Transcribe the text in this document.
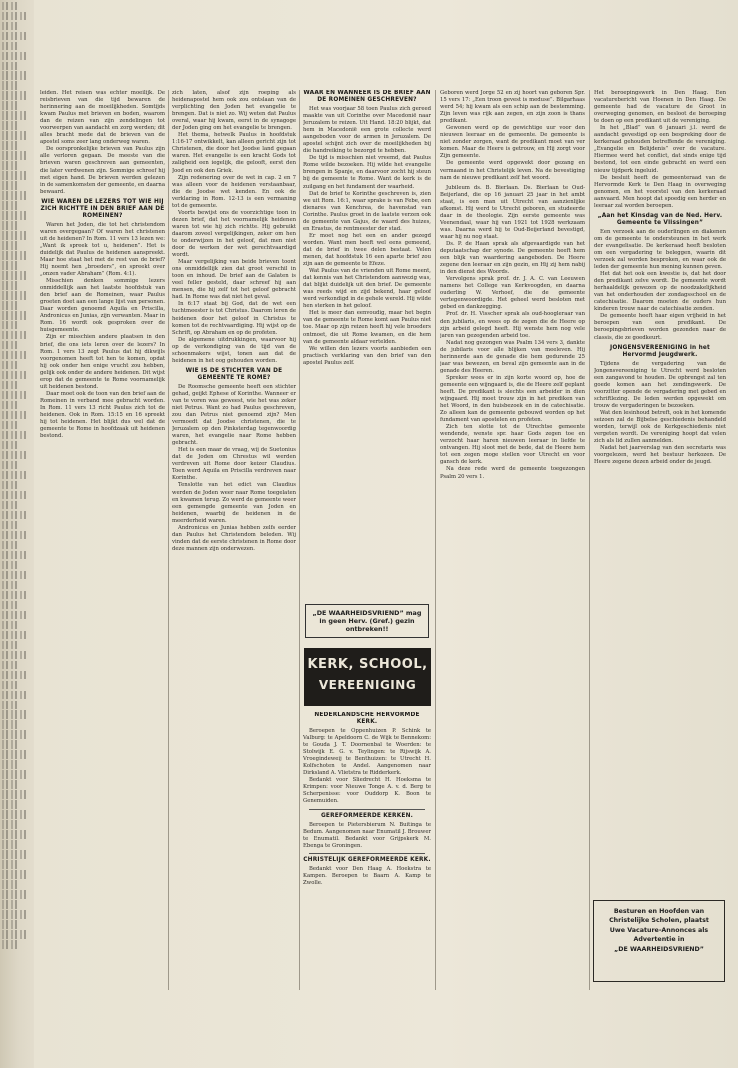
leiden. Het reisen was echter moeilijk. De reisbrieven van die tijd bewaren de herinnering aan de moeilijkheden. Somtijds kwam Paulus met brieven en boden, waarom dan de reizen van zijn zendelingen tot voorwerpen van aandacht en zorg werden; dit alles bracht mede dat de brieven van de apostel soms zeer lang onderweg waren.

De oorspronkelijke brieven van Paulus zijn alle verloren gegaan. De meeste van die brieven waren geschreven aan gemeenten, die later verdwenen zijn. Sommige schreef hij met eigen hand. De brieven werden gelezen in de samenkomsten der gemeente, en daarna bewaard.

WIE WAREN DE LEZERS TOT WIE HIJ ZICH RICHTTE IN DEN BRIEF AAN DE ROMEINEN?

Waren het Joden, die tot het christendom waren overgegaan? Of waren het christenen uit de heidenen? In Rom. 11 vers 13 lezen we: „Want ik spreek tot u, heidenen”. Het is duidelijk dat Paulus de heidenen aanspreekt. Maar hoe staat het met de rest van de brief? Hij noemt hen „broeders”, en spreekt over „onzen vader Abraham” (Rom. 4:1).

Misschien denken sommige lezers onmiddellijk aan het laatste hoofdstuk van den brief aan de Romeinen, waar Paulus groeten doet aan een lange lijst van personen. Daar worden genoemd Aquila en Priscilla, Andronicus en Junias, zijn verwanten. Maar in Rom. 16 wordt ook gesproken over de huisgemeente.

Zijn er misschien andere plaatsen in den brief, die ons iets leren over de lezers? In Rom. 1 vers 13 zegt Paulus dat hij dikwijls voorgenomen heeft tot hen te komen, opdat hij ook onder hen enige vrucht zou hebben, gelijk ook onder de andere heidenen. Dit wijst erop dat de gemeente te Rome voornamelijk uit heidenen bestond.

Daar moet ook de toon van den brief aan de Romeinen in verband mee gebracht worden. In Rom. 11 vers 13 richt Paulus zich tot de heidenen. Ook in Rom. 15:15 en 16 spreekt hij tot heidenen. Het blijkt dus wel dat de gemeente te Rome in hoofdzaak uit heidenen bestond.

zich laten, alsof zijn roeping als heidenapostel hem ook zou ontslaan van de verplichting den Joden het evangelie te brengen. Dat is niet zo. Wij weten dat Paulus overal, waar hij kwam, eerst in de synagoge der Joden ging om het evangelie te brengen.

Het thema, hetwelk Paulus in hoofdstuk 1:16-17 ontwikkelt, kan alleen gericht zijn tot Christenen, die door het Joodse land gegaan waren. Het evangelie is een kracht Gods tot zaligheid een iegelijk, die gelooft, eerst den Jood en ook den Griek.

Zijn redenering over de wet in cap. 2 en 7 was alleen voor de heidenen verstaanbaar, die de Joodse wet kenden. En ook de verklaring in Rom. 12-13 is een vermaning tot de gemeente.

Voorts bewijst ons de voorzichtige toon in dezen brief, dat het voornamelijk heidenen waren tot wie hij zich richtte. Hij gebruikt daarom zoveel vergelijkingen, zeker om hen te onderwijzen in het geloof, dat men niet door de werken der wet gerechtvaardigd wordt.

Maar vergelijking van beide brieven toont ons onmiddellijk zien dat groot verschil in toon en inhoud. De brief aan de Galaten is veel feller gesteld, daar schreef hij aan mensen, die hij zelf tot het geloof gebracht had. In Rome was dat niet het geval.

In 6:17 staat bij God, dat de wet een tuchtmeester is tot Christus. Daarom leren de heidenen door het geloof in Christus te komen tot de rechtvaardiging. Hij wijst op de Schrift, op Abraham en op de profeten.

De algemene uitdrukkingen, waarvoor hij op de verkondiging van de tijd van de schoenmakers wijst, tonen aan dat de heidenen in het oog gehouden worden.

WIE IS DE STICHTER VAN DE GEMEENTE TE ROME?

De Roomsche gemeente heeft een stichter gehad, geijkt Ephese of Korinthe. Wanneer er van te voren was geweest, wie het was zeker niet Petrus. Want zo had Paulus geschreven, zou dan Petrus niet genoemd zijn? Men vermoedt dat Joodse christenen, die te Jeruzalem op den Pinksterdag tegenwoordig waren, het evangelie naar Rome hebben gebracht.

Het is een maar de vraag, wij de Suetonius dat de Joden om Chrestus wil werden verdreven uit Rome door keizer Claudius. Toen werd Aquila en Priscilla verdreven naar Korinthe.

Tenslotte van het edict van Claudius werden de Joden weer naar Rome toegelaten en kwamen terug. Zo werd de gemeente weer een gemengde gemeente van Joden en heidenen, waarbij de heidenen in de meerderheid waren.

Andronicus en Junias hebben zelfs eerder dan Paulus het Christendom beleden. Wij vinden dat de eerste christenen in Rome door deze mannen zijn onderwezen.

WAAR EN WANNEER IS DE BRIEF AAN DE ROMEINEN GESCHREVEN?

Het was voorjaar 58 toen Paulus zich gereed maakte van uit Corinthe over Macedonië naar Jeruzalem te reizen. Uit Hand. 18:20 blijkt, dat hem in Macedonië een grote collecte werd aangeboden voor de armen in Jeruzalem. De apostel schijnt zich over de moeilijkheden bij die handreiking te bezorgd te hebben.

De tijd is misschien niet vreemd, dat Paulus Rome wilde bezoeken. Hij wilde het evangelie brengen in Spanje, en daarvoor zocht hij steun bij de gemeente te Rome. Want de kerk is de zuilgang en het fundament der waarheid.

Dat de brief te Korinthe geschreven is, zien we uit Rom. 16:1, waar sprake is van Febe, een dienares van Kenchrea, de havenstad van Corinthe. Paulus groet in de laatste verzen ook de gemeente van Gajus, de waard des huizes, en Erastus, de rentmeester der stad.

Er moet nog het een en ander gezegd worden. Want men heeft wel eens gemeend, dat de brief in twee delen bestaat. Velen menen, dat hoofdstuk 16 een aparte brief zou zijn aan de gemeente te Efeze.

Wat Paulus van de vrienden uit Rome meent, dat kennis van het Christendom aanwezig was, dat blijkt duidelijk uit den brief. De gemeente was reeds wijd en zijd bekend, haar geloof werd verkondigd in de gehele wereld. Hij wilde hen sterken in het geloof.

Het is meer dan eenvoudig, maar het begin van de gemeente te Rome komt aan Paulus niet toe. Maar op zijn reizen heeft hij vele broeders ontmoet, die uit Rome kwamen, en die hem van de gemeente aldaar vertelden.

We willen den lezers voorts aanbieden een practisch verklaring van den brief van den apostel Paulus zelf.

„DE WAARHEIDSVRIEND” mag in geen Herv. (Gref.) gezin ontbreken!!
KERK, SCHOOL,
VEREENIGING
NEDERLANDSCHE HERVORMDE KERK.

Beroepen te Oppenhuizen P. Schink te Valburg: te Apeldoorn C. de Wijk te Bennekom: te Gouda J. T. Doornenbal te Woerden: te Stolwijk E. G. v. Teylingen: te Rijswijk A. Vroegindeweij te Benthuizen: te Utrecht H. Kolfschoten te Andel. Aangenomen naar Dirksland A. Vlietstra te Ridderkerk.

Bedankt voor Sliedrecht H. Hoeksma te Krimpen: voor Nieuwe Tonge A. v. d. Berg te Scherpenisse: voor Ouddorp K. Boon te Genemuiden.

GEREFORMEERDE KERKEN.

Beroepen te Pietersbierum N. Buitinga te Bedum. Aangenomen naar Enumatil J. Brouwer te Enumatil. Bedankt voor Grijpskerk M. Ebenga te Groningen.

CHRISTELIJK GEREFORMEERDE KERK.

Bedankt voor Den Haag A. Hoekstra te Kampen. Beroepen te Baarn A. Kamp te Zwolle.

Geboren werd Jorge 52 en zij hoort van geboren Spr. 15 vers 17: „Een troon gevest is meduse”. Bilgarhaas werd 54; hij kwam als een schip aan de bestemming. Zijn leven was rijk aan zegen, en zijn zoon is thans predikant.

Gewonen werd op de gewichtige uur voor den nieuwen leeraar en de gemeente. De gemeente is niet zonder zorgen, want de predikant moet van ver komen. Maar de Heere is getrouw, en Hij zorgt voor Zijn gemeente.

De gemeente werd opgewekt door gezang en vermaand in het Christelijk leven. Na de bevestiging nam de nieuwe predikant zelf het woord.

Jubileum ds. B. Bierlaan. Ds. Bierlaan te Oud-Beijerland, die op 16 januari 25 jaar in het ambt staat, is een man uit Utrecht van aanzienlijke afkomst. Hij werd te Utrecht geboren, en studeerde daar in de theologie. Zijn eerste gemeente was Veenendaal, waar hij van 1921 tot 1928 werkzaam was. Daarna werd hij te Oud-Beijerland bevestigd, waar hij nu nog staat.

Ds. P. de Haan sprak als afgevaardigde van het deputaatschap der synode. De gemeente heeft hem een blijk van waardering aangeboden. De Heere zegene den leeraar en zijn gezin, en Hij zij hem nabij in den dienst des Woords.

Vervolgens sprak prof. dr. J. A. C. van Leeuwen namens het College van Kerkvoogden, en daarna ouderling W. Verhoef, die de gemeente vertegenwoordigde. Het geheel werd besloten met gebed en dankzegging.

Prof. dr. H. Visscher sprak als oud-hoogleraar van den jubilaris, en wees op de zegen die de Heere op zijn arbeid gelegd heeft. Hij wenste hem nog vele jaren van gezegenden arbeid toe.

Nadat nog gezongen was Psalm 134 vers 3, dankte de jubilaris voor alle blijken van meeleven. Hij herinnerde aan de genade die hem gedurende 25 jaar was bewezen, en beval zijn gemeente aan in de genade des Heeren.

Spreker wees er in zijn korte woord op, hoe de gemeente een wijngaard is, die de Heere zelf geplant heeft. De predikant is slechts een arbeider in dien wijngaard. Hij moet trouw zijn in het prediken van het Woord, in den huisbezoek en in de catechisatie. Zo alleen kan de gemeente gebouwd worden op het fundament van apostelen en profeten.

Zich ten slotte tot de Utrechtse gemeente wendende, wenste spr. haar Gods zegen toe en verzocht haar haren nieuwen leeraar in liefde te ontvangen. Hij sloot met de bede, dat de Heere hem tot een zegen moge stellen voor Utrecht en voor gansch de kerk.

Na deze rede werd de gemeente toegezongen Psalm 20 vers 1.

Het beroepingswerk in Den Haag. Een vacaturebericht van Hoenen in Den Haag. De gemeente had de vacature de Groot in overweging genomen, en besloot de beroeping te doen op een predikant uit de vereniging.

In het „Blad” van 6 januari j.l. werd de aandacht gevestigd op een bespreking door de kerkeraad gehouden betreffende de vereniging. „Evangelie en Belijdenis” over de vacature. Hiermee werd het conflict, dat sinds enige tijd bestond, tot een einde gebracht en werd een nieuw tijdperk ingeluid.

De besluit heeft de gemeenteraad van de Hervormde Kerk te Den Haag in overweging genomen, en het voorstel van den kerkeraad aanvaard. Men hoopt dat spoedig een herder en leeraar zal worden beroepen.

„Aan het Kinsdag van de Ned. Herv. Gemeente te Vlissingen”

Een verzoek aan de ouderlingen en diakenen om de gemeente te ondersteunen in het werk der evangelisatie. De kerkeraad heeft besloten om een vergadering te beleggen, waarin dit verzoek zal worden besproken, en waar ook de leden der gemeente hun mening kunnen geven.

Het dat het ook een kwestie is, dat het door den predikant zelve wordt. De gemeente wordt herhaaldelijk gewezen op de noodzakelijkheid van het onderhouden der zondagsschool en de catechisatie. Daarom moeten de ouders hun kinderen trouw naar de catechisatie zenden.

De gemeente heeft haar eigen vrijheid in het beroepen van een predikant. De beroepingsbrieven worden gezonden naar de classis, die ze goedkeurt.

JONGENSVEREENIGING in het Hervormd Jeugdwerk.

Tijdens de vergadering van de Jongensvereeniging te Utrecht werd besloten een zangavond te houden. De opbrengst zal ten goede komen aan het zendingswerk. De voorzitter opende de vergadering met gebed en schriftlezing. De leden werden opgewekt om trouw de vergaderingen te bezoeken.

Wat den lesinhoud betreft, ook in het komende seizoen zal de Bijbelse geschiedenis behandeld worden, terwijl ook de Kerkgeschiedenis niet vergeten wordt. De vereniging hoopt dat velen zich als lid zullen aanmelden.

Nadat het jaarverslag van den secretaris was voorgelezen, werd het bestuur herkozen. De Heere zegene dezen arbeid onder de jeugd.

Besturen en Hoofden van
Christelijke Scholen, plaatst
Uwe Vacature-Annonces als
Advertentie in
„DE WAARHEIDSVRIEND”
